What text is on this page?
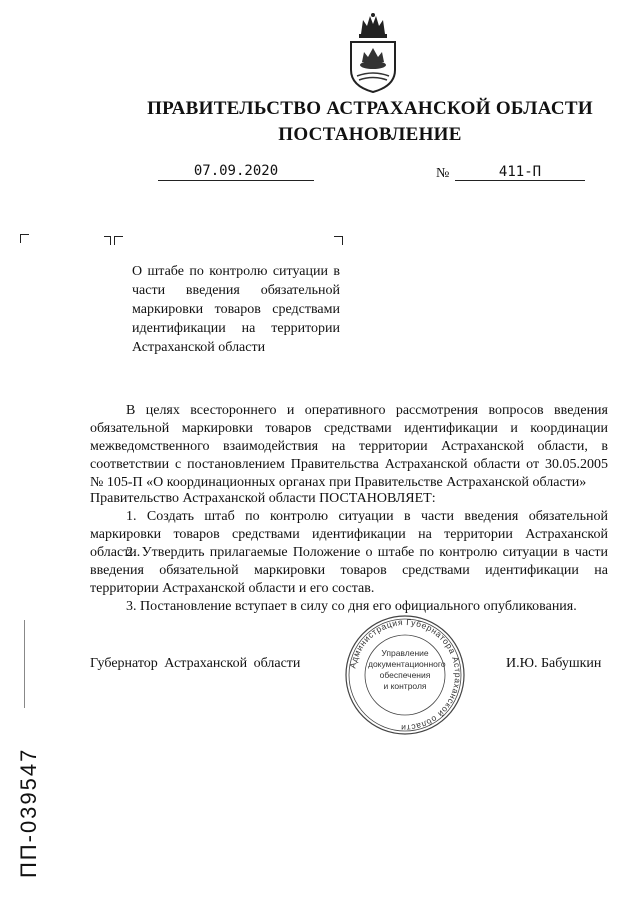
ПРАВИТЕЛЬСТВО АСТРАХАНСКОЙ ОБЛАСТИ
ПОСТАНОВЛЕНИЕ
07.09.2020	№	411-П
О штабе по контролю ситуации в части введения обязательной маркировки товаров средствами идентификации на территории Астраханской области
В целях всестороннего и оперативного рассмотрения вопросов введения обязательной маркировки товаров средствами идентификации и координации межведомственного взаимодействия на территории Астраханской области, в соответствии с постановлением Правительства Астраханской области от 30.05.2005 № 105-П «О координационных органах при Правительстве Астраханской области»
Правительство Астраханской области ПОСТАНОВЛЯЕТ:
1. Создать штаб по контролю ситуации в части введения обязательной маркировки товаров средствами идентификации на территории Астраханской области.
2. Утвердить прилагаемые Положение о штабе по контролю ситуации в части введения обязательной маркировки товаров средствами идентификации на территории Астраханской области и его состав.
3. Постановление вступает в силу со дня его официального опубликования.
Губернатор Астраханской области	И.Ю. Бабушкин
Администрация Губернатора Астраханской области
Управление
документационного
обеспечения
и контроля
ПП-039547
